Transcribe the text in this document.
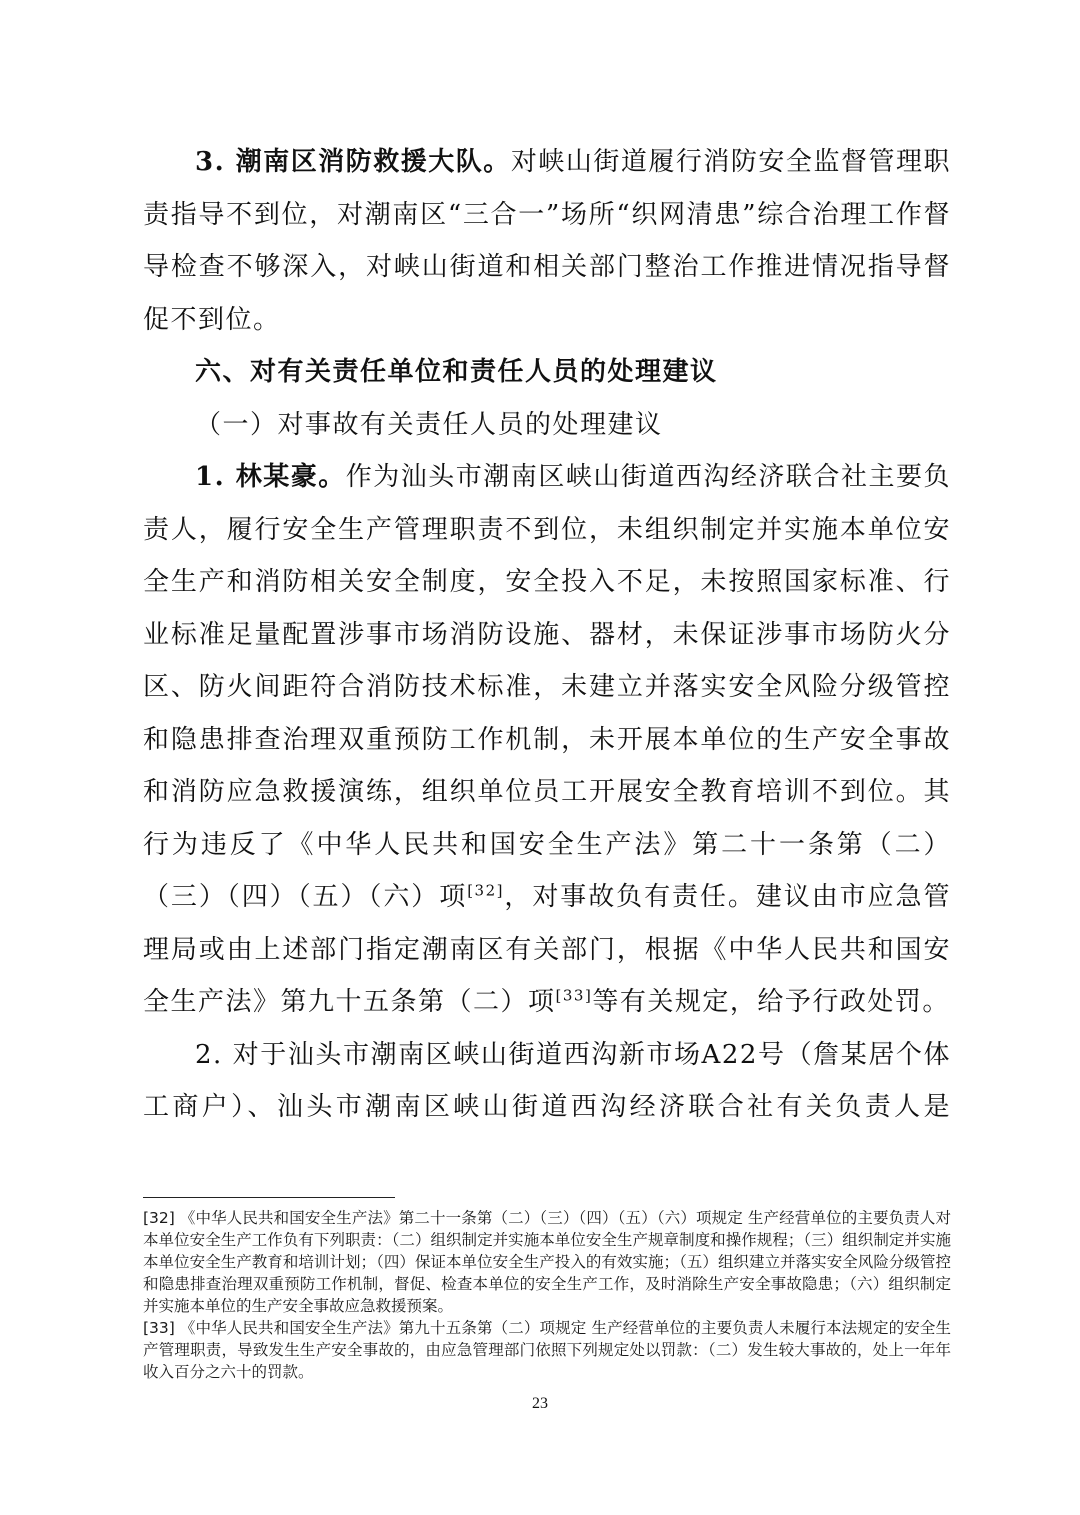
3. 潮南区消防救援大队。对峡山街道履行消防安全监督管理职责指导不到位，对潮南区“三合一”场所“织网清患”综合治理工作督导检查不够深入，对峡山街道和相关部门整治工作推进情况指导督促不到位。

六、对有关责任单位和责任人员的处理建议

（一）对事故有关责任人员的处理建议

1. 林某豪。作为汕头市潮南区峡山街道西沟经济联合社主要负责人，履行安全生产管理职责不到位，未组织制定并实施本单位安全生产和消防相关安全制度，安全投入不足，未按照国家标准、行业标准足量配置涉事市场消防设施、器材，未保证涉事市场防火分区、防火间距符合消防技术标准，未建立并落实安全风险分级管控和隐患排查治理双重预防工作机制，未开展本单位的生产安全事故和消防应急救援演练，组织单位员工开展安全教育培训不到位。其行为违反了《中华人民共和国安全生产法》第二十一条第（二）（三）（四）（五）（六）项[32]，对事故负有责任。建议由市应急管理局或由上述部门指定潮南区有关部门，根据《中华人民共和国安全生产法》第九十五条第（二）项[33]等有关规定，给予行政处罚。

2. 对于汕头市潮南区峡山街道西沟新市场A22号（詹某居个体工商户）、汕头市潮南区峡山街道西沟经济联合社有关负责人是

[32] 《中华人民共和国安全生产法》第二十一条第（二）（三）（四）（五）（六）项规定 生产经营单位的主要负责人对本单位安全生产工作负有下列职责：（二）组织制定并实施本单位安全生产规章制度和操作规程；（三）组织制定并实施本单位安全生产教育和培训计划；（四）保证本单位安全生产投入的有效实施；（五）组织建立并落实安全风险分级管控和隐患排查治理双重预防工作机制，督促、检查本单位的安全生产工作，及时消除生产安全事故隐患；（六）组织制定并实施本单位的生产安全事故应急救援预案。

[33] 《中华人民共和国安全生产法》第九十五条第（二）项规定 生产经营单位的主要负责人未履行本法规定的安全生产管理职责，导致发生生产安全事故的，由应急管理部门依照下列规定处以罚款：（二）发生较大事故的，处上一年年收入百分之六十的罚款。

23
